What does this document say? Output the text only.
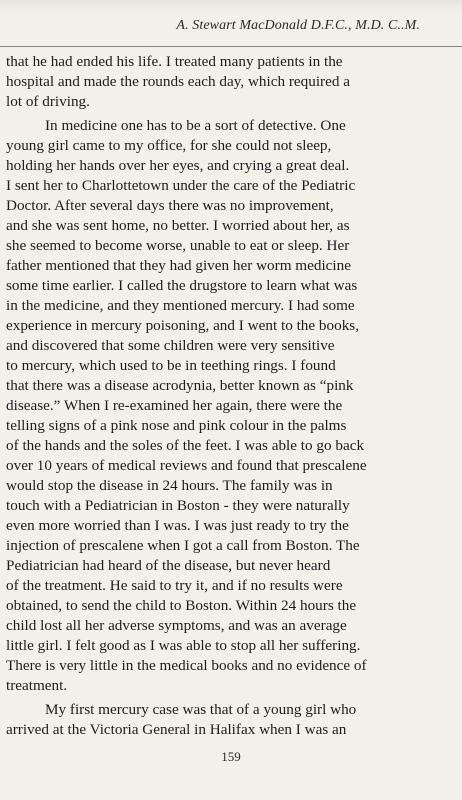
A. Stewart MacDonald D.F.C., M.D. C..M.
that he had ended his life. I treated many patients in the
hospital and made the rounds each day, which required a
lot of driving.
In medicine one has to be a sort of detective. One
young girl came to my office, for she could not sleep,
holding her hands over her eyes, and crying a great deal.
I sent her to Charlottetown under the care of the Pediatric
Doctor. After several days there was no improvement,
and she was sent home, no better. I worried about her, as
she seemed to become worse, unable to eat or sleep. Her
father mentioned that they had given her worm medicine
some time earlier. I called the drugstore to learn what was
in the medicine, and they mentioned mercury. I had some
experience in mercury poisoning, and I went to the books,
and discovered that some children were very sensitive
to mercury, which used to be in teething rings. I found
that there was a disease acrodynia, better known as “pink
disease.” When I re-examined her again, there were the
telling signs of a pink nose and pink colour in the palms
of the hands and the soles of the feet. I was able to go back
over 10 years of medical reviews and found that prescalene
would stop the disease in 24 hours. The family was in
touch with a Pediatrician in Boston - they were naturally
even more worried than I was. I was just ready to try the
injection of prescalene when I got a call from Boston. The
Pediatrician had heard of the disease, but never heard
of the treatment. He said to try it, and if no results were
obtained, to send the child to Boston. Within 24 hours the
child lost all her adverse symptoms, and was an average
little girl. I felt good as I was able to stop all her suffering.
There is very little in the medical books and no evidence of
treatment.
My first mercury case was that of a young girl who
arrived at the Victoria General in Halifax when I was an
159
